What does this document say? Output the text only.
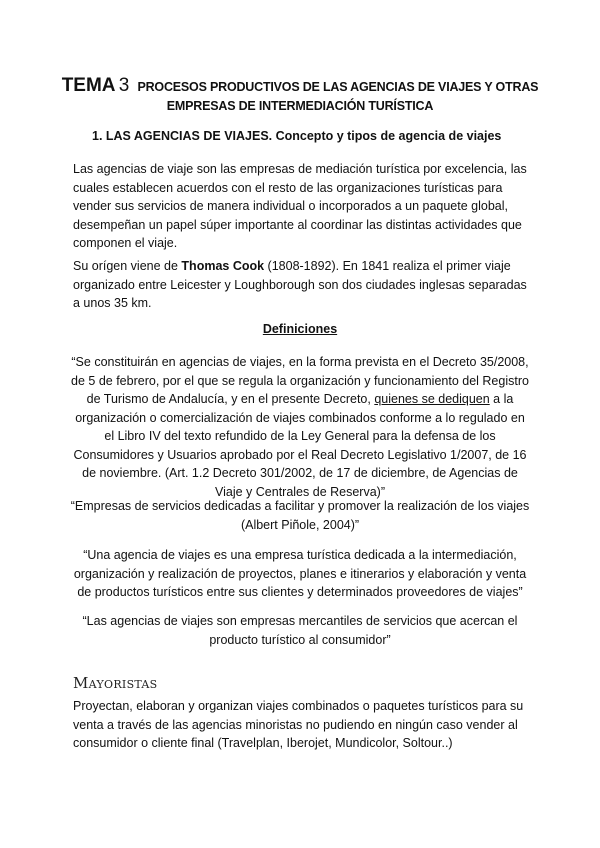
TEMA 3 PROCESOS PRODUCTIVOS DE LAS AGENCIAS DE VIAJES Y OTRAS EMPRESAS DE INTERMEDIACIÓN TURÍSTICA
1. LAS AGENCIAS DE VIAJES. Concepto y tipos de agencia de viajes
Las agencias de viaje son las empresas de mediación turística por excelencia, las cuales establecen acuerdos con el resto de las organizaciones turísticas para vender sus servicios de manera individual o incorporados a un paquete global, desempeñan un papel súper importante al coordinar las distintas actividades que componen el viaje.
Su orígen viene de Thomas Cook (1808-1892). En 1841 realiza el primer viaje organizado entre Leicester y Loughborough son dos ciudades inglesas separadas a unos 35 km.
Definiciones
“Se constituirán en agencias de viajes, en la forma prevista en el Decreto 35/2008, de 5 de febrero, por el que se regula la organización y funcionamiento del Registro de Turismo de Andalucía, y en el presente Decreto, quienes se dediquen a la organización o comercialización de viajes combinados conforme a lo regulado en el Libro IV del texto refundido de la Ley General para la defensa de los Consumidores y Usuarios aprobado por el Real Decreto Legislativo 1/2007, de 16 de noviembre. (Art. 1.2 Decreto 301/2002, de 17 de diciembre, de Agencias de Viaje y Centrales de Reserva)”
“Empresas de servicios dedicadas a facilitar y promover la realización de los viajes (Albert Piñole, 2004)”
“Una agencia de viajes es una empresa turística dedicada a la intermediación, organización y realización de proyectos, planes e itinerarios y elaboración y venta de productos turísticos entre sus clientes y determinados proveedores de viajes”
“Las agencias de viajes son empresas mercantiles de servicios que acercan el producto turístico al consumidor”
Mayoristas
Proyectan, elaboran y organizan viajes combinados o paquetes turísticos para su venta a través de las agencias minoristas no pudiendo en ningún caso vender al consumidor o cliente final (Travelplan, Iberojet, Mundicolor, Soltour..)
